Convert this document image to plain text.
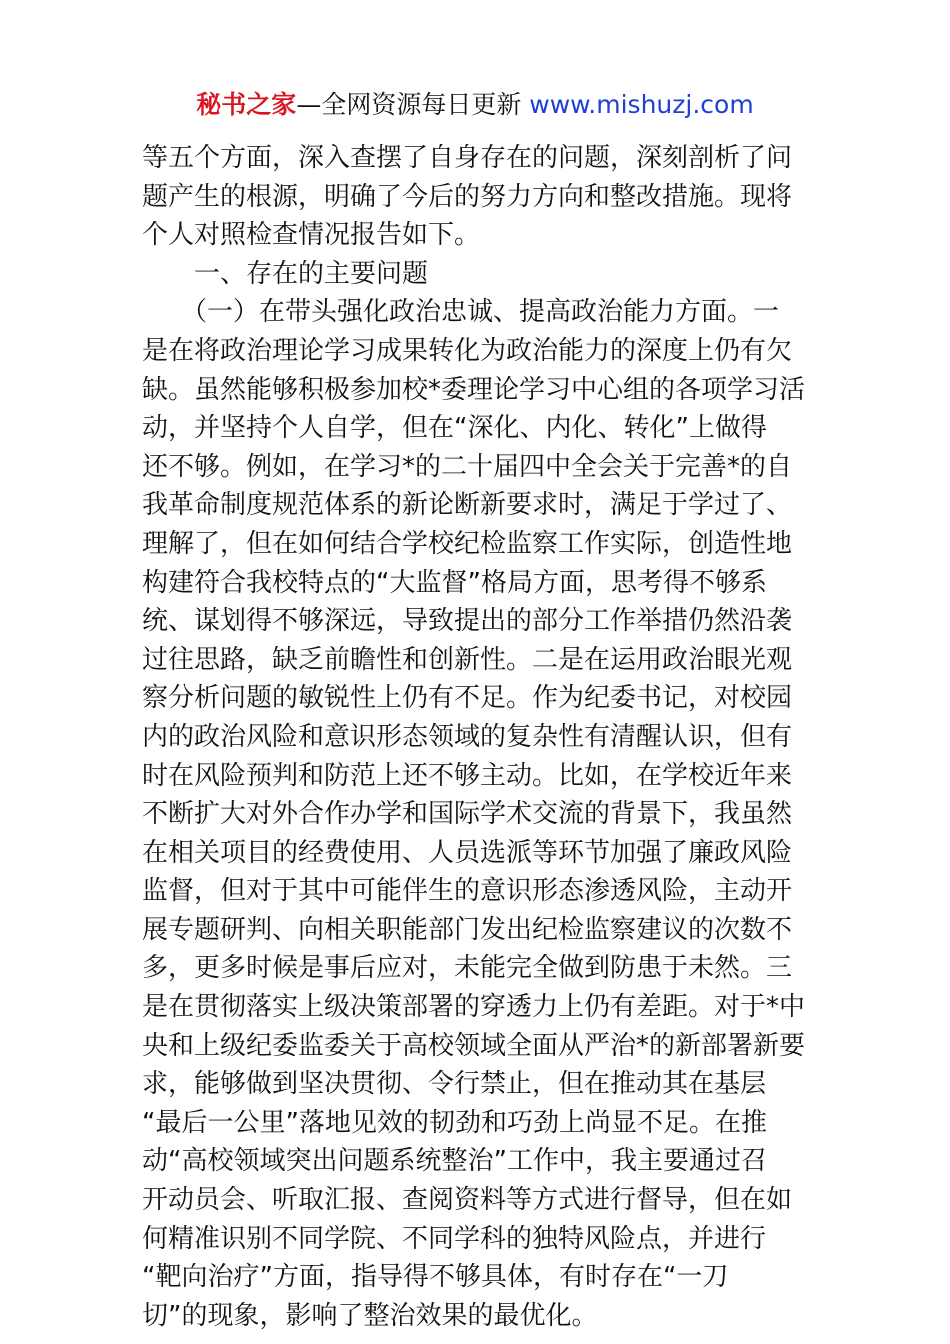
秘书之家—全网资源每日更新 www.mishuzj.com
等五个方面，深入查摆了自身存在的问题，深刻剖析了问
题产生的根源，明确了今后的努力方向和整改措施。现将
个人对照检查情况报告如下。
　　一、存在的主要问题
　　（一）在带头强化政治忠诚、提高政治能力方面。一
是在将政治理论学习成果转化为政治能力的深度上仍有欠
缺。虽然能够积极参加校*委理论学习中心组的各项学习活
动，并坚持个人自学，但在“深化、内化、转化”上做得
还不够。例如，在学习*的二十届四中全会关于完善*的自
我革命制度规范体系的新论断新要求时，满足于学过了、
理解了，但在如何结合学校纪检监察工作实际，创造性地
构建符合我校特点的“大监督”格局方面，思考得不够系
统、谋划得不够深远，导致提出的部分工作举措仍然沿袭
过往思路，缺乏前瞻性和创新性。二是在运用政治眼光观
察分析问题的敏锐性上仍有不足。作为纪委书记，对校园
内的政治风险和意识形态领域的复杂性有清醒认识，但有
时在风险预判和防范上还不够主动。比如，在学校近年来
不断扩大对外合作办学和国际学术交流的背景下，我虽然
在相关项目的经费使用、人员选派等环节加强了廉政风险
监督，但对于其中可能伴生的意识形态渗透风险，主动开
展专题研判、向相关职能部门发出纪检监察建议的次数不
多，更多时候是事后应对，未能完全做到防患于未然。三
是在贯彻落实上级决策部署的穿透力上仍有差距。对于*中
央和上级纪委监委关于高校领域全面从严治*的新部署新要
求，能够做到坚决贯彻、令行禁止，但在推动其在基层
“最后一公里”落地见效的韧劲和巧劲上尚显不足。在推
动“高校领域突出问题系统整治”工作中，我主要通过召
开动员会、听取汇报、查阅资料等方式进行督导，但在如
何精准识别不同学院、不同学科的独特风险点，并进行
“靶向治疗”方面，指导得不够具体，有时存在“一刀
切”的现象，影响了整治效果的最优化。
